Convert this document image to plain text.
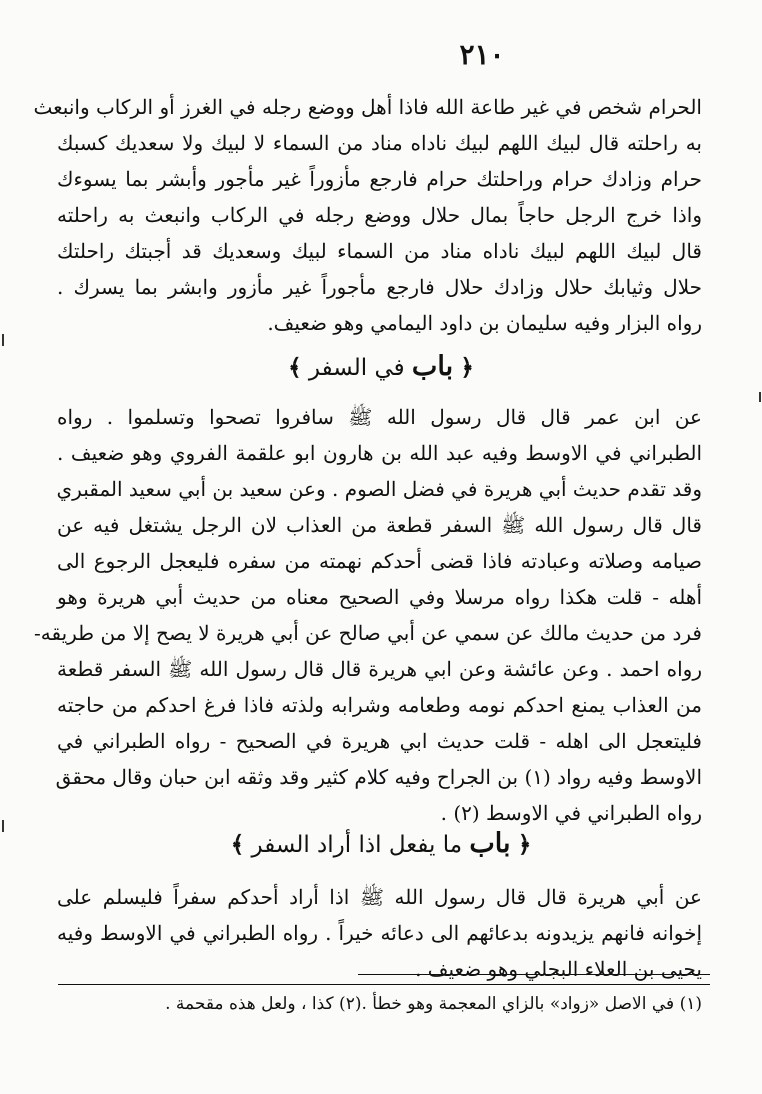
٢١٠
الحرام شخص في غير طاعة الله فاذا أهل ووضع رجله في الغرز أو الركاب وانبعث
به راحلته قال لبيك اللهم لبيك ناداه مناد من السماء لا لبيك ولا سعديك كسبك
حرام وزادك حرام وراحلتك حرام فارجع مأزوراً غير مأجور وأبشر بما يسوءك
واذا خرج الرجل حاجاً بمال حلال ووضع رجله في الركاب وانبعث به راحلته
قال لبيك اللهم لبيك ناداه مناد من السماء لبيك وسعديك قد أجبتك راحلتك
حلال وثيابك حلال وزادك حلال فارجع مأجوراً غير مأزور وابشر بما يسرك .
رواه البزار وفيه سليمان بن داود اليمامي وهو ضعيف.
﴿ باب في السفر ﴾
عن ابن عمر قال قال رسول الله ﷺ سافروا تصحوا وتسلموا . رواه
الطبراني في الاوسط وفيه عبد الله بن هارون ابو علقمة الفروي وهو ضعيف .
وقد تقدم حديث أبي هريرة في فضل الصوم . وعن سعيد بن أبي سعيد المقبري
قال قال رسول الله ﷺ السفر قطعة من العذاب لان الرجل يشتغل فيه عن
صيامه وصلاته وعبادته فاذا قضى أحدكم نهمته من سفره فليعجل الرجوع الى
أهله - قلت هكذا رواه مرسلا وفي الصحيح معناه من حديث أبي هريرة وهو
فرد من حديث مالك عن سمي عن أبي صالح عن أبي هريرة لا يصح إلا من طريقه-
رواه احمد . وعن عائشة وعن ابي هريرة قال قال رسول الله ﷺ السفر قطعة
من العذاب يمنع احدكم نومه وطعامه وشرابه ولذته فاذا فرغ احدكم من حاجته
فليتعجل الى اهله - قلت حديث ابي هريرة في الصحيح - رواه الطبراني في
الاوسط وفيه رواد (١) بن الجراح وفيه كلام كثير وقد وثقه ابن حبان وقال محقق
رواه الطبراني في الاوسط (٢) .
﴿ باب ما يفعل اذا أراد السفر ﴾
عن أبي هريرة قال قال رسول الله ﷺ اذا أراد أحدكم سفراً فليسلم على
إخوانه فانهم يزيدونه بدعائهم الى دعائه خيراً . رواه الطبراني في الاوسط وفيه
يحيى بن العلاء البجلي وهو ضعيف .
(١) في الاصل «زواد» بالزاي المعجمة وهو خطأ .(٢) كذا ، ولعل هذه مقحمة .
